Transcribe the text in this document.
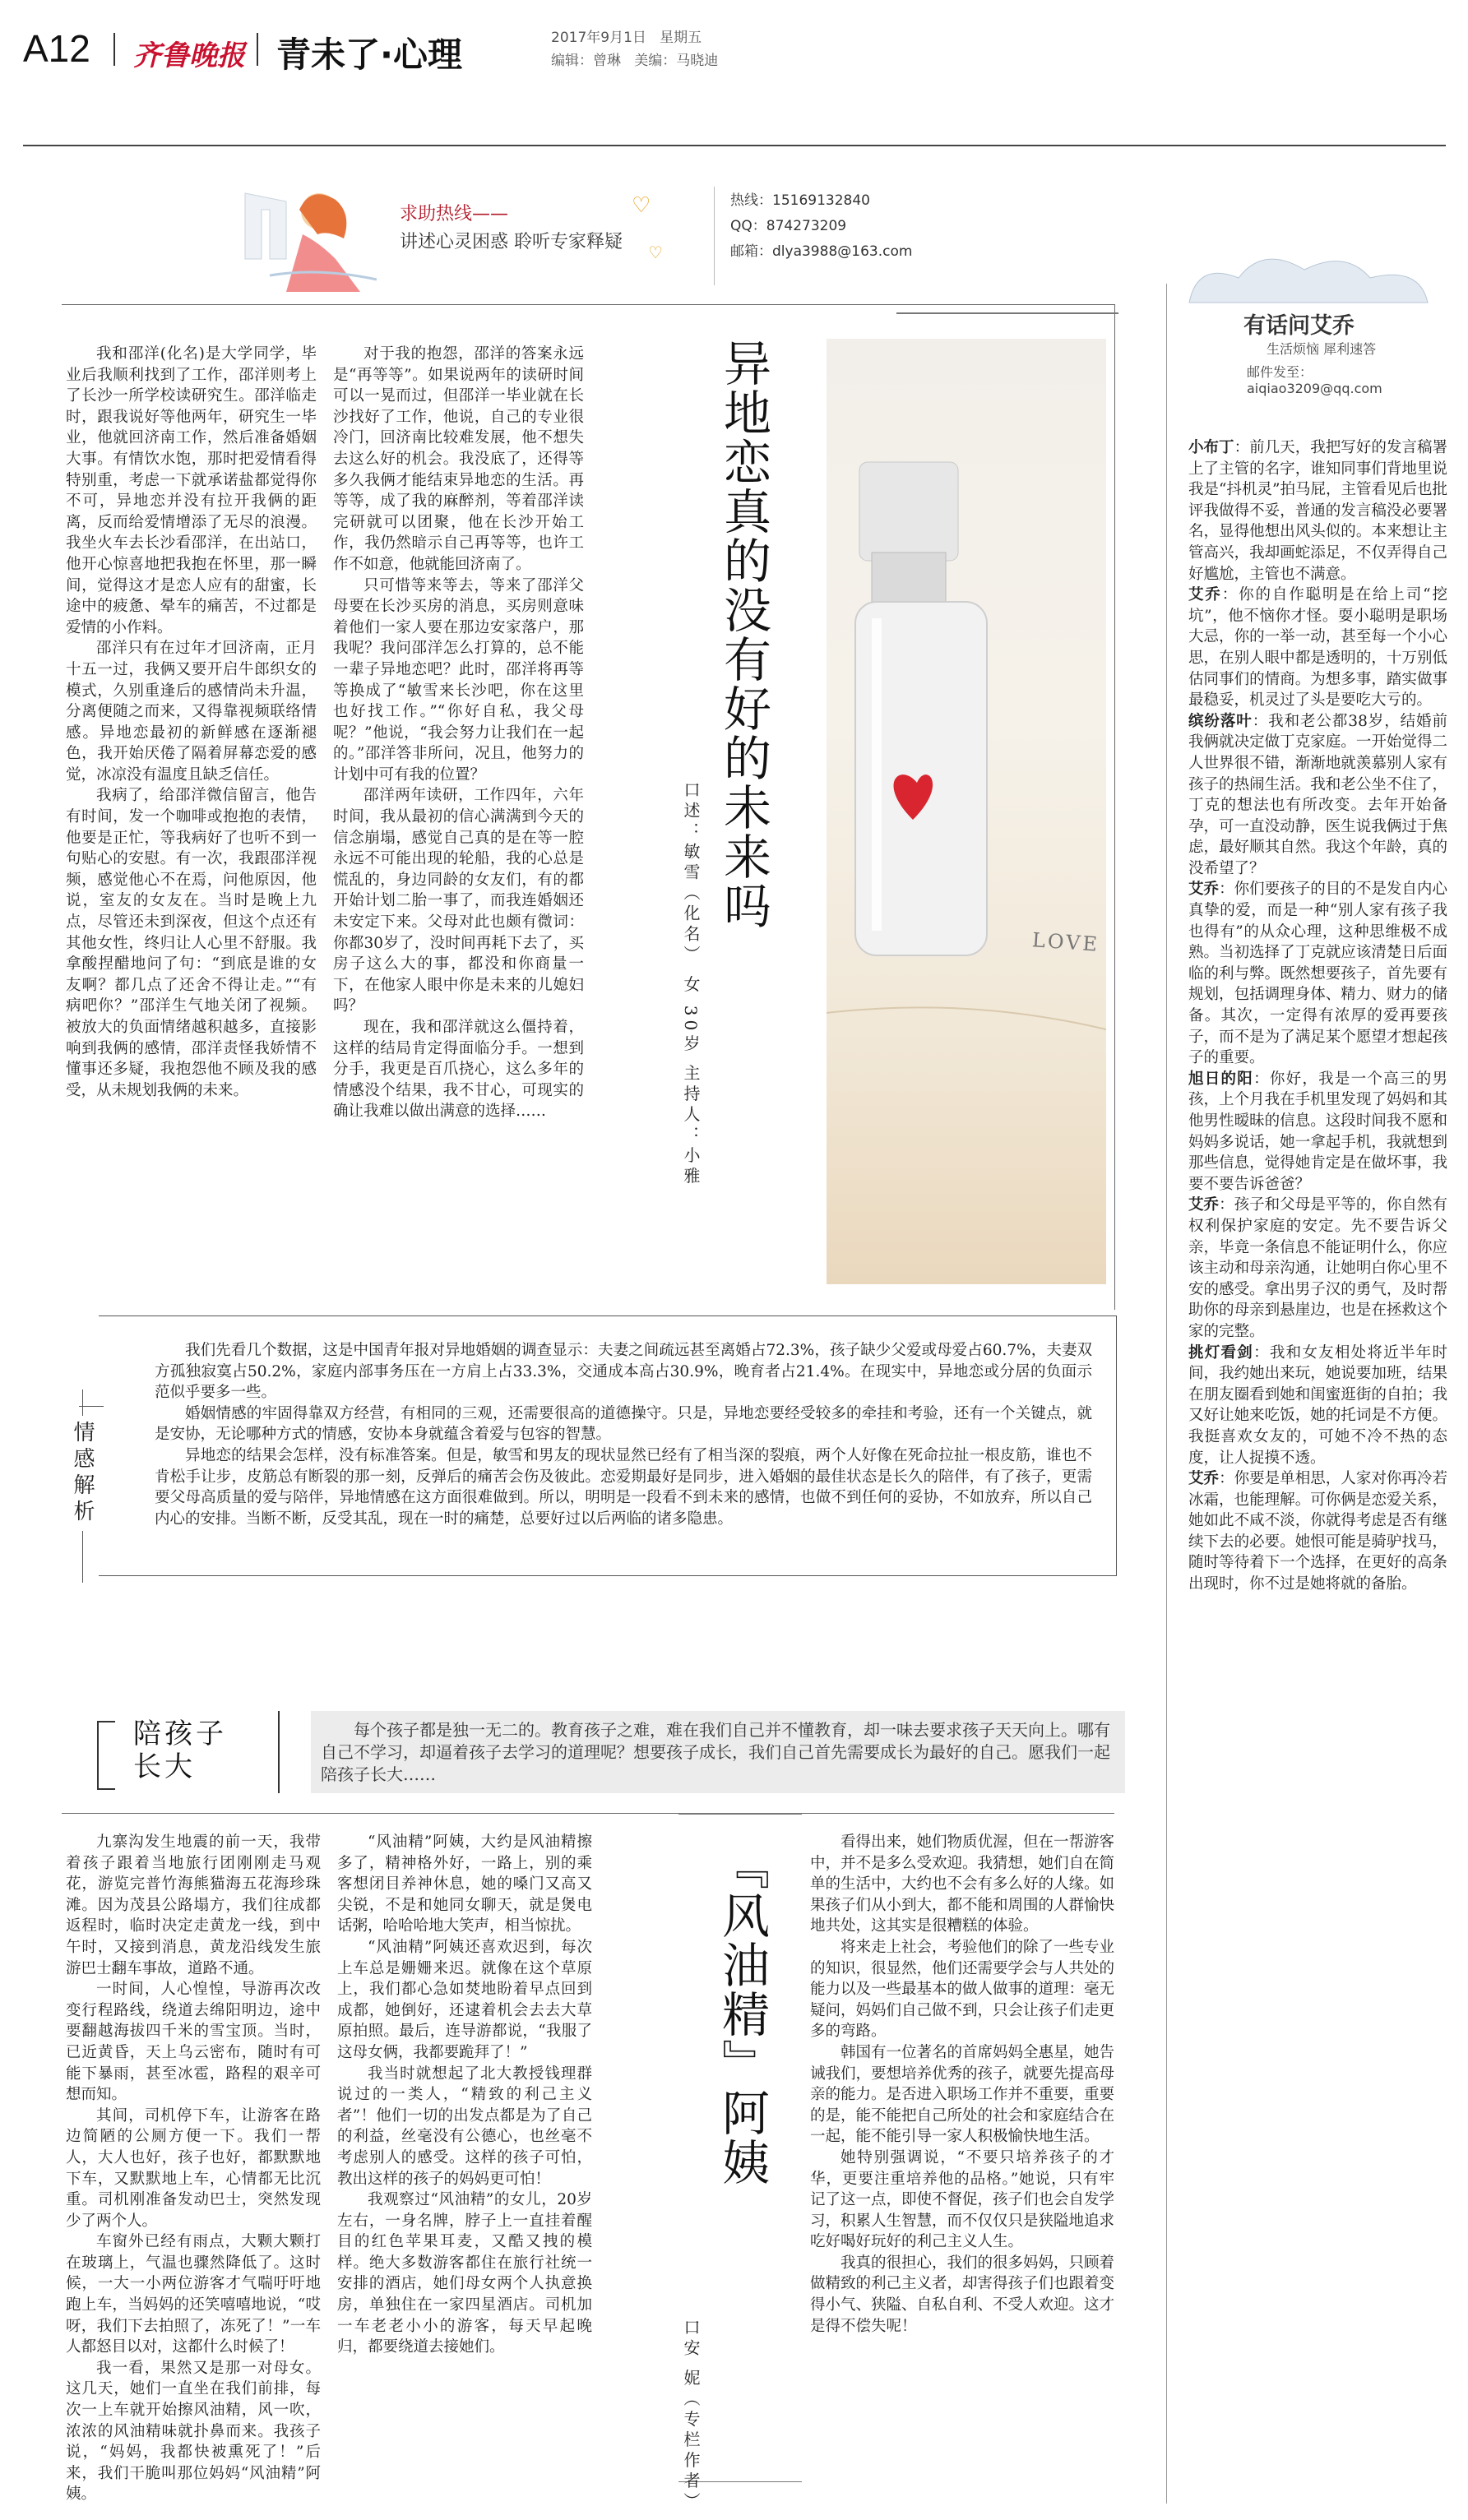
A12 齐鲁晚报 青未了·心理	2017年9月1日 星期五
编辑：曾琳 美编：马晓迪
求助热线——
讲述心灵困惑 聆听专家释疑
♡
♡
热线：15169132840
QQ：874273209
邮箱：dlya3988@163.com

我和邵洋(化名)是大学同学，毕业后我顺利找到了工作，邵洋则考上了长沙一所学校读研究生。邵洋临走时，跟我说好等他两年，研究生一毕业，他就回济南工作，然后准备婚姻大事。有情饮水饱，那时把爱情看得特别重，考虑一下就承诺盐都觉得你不可，异地恋并没有拉开我俩的距离，反而给爱情增添了无尽的浪漫。我坐火车去长沙看邵洋，在出站口，他开心惊喜地把我抱在怀里，那一瞬间，觉得这才是恋人应有的甜蜜，长途中的疲惫、晕车的痛苦，不过都是爱情的小作料。

邵洋只有在过年才回济南，正月十五一过，我俩又要开启牛郎织女的模式，久别重逢后的感情尚未升温，分离便随之而来，又得靠视频联络情感。异地恋最初的新鲜感在逐渐褪色，我开始厌倦了隔着屏幕恋爱的感觉，冰凉没有温度且缺乏信任。

我病了，给邵洋微信留言，他告有时间，发一个咖啡或抱抱的表情，他要是正忙，等我病好了也听不到一句贴心的安慰。有一次，我跟邵洋视频，感觉他心不在焉，问他原因，他说，室友的女友在。当时是晚上九点，尽管还未到深夜，但这个点还有其他女性，终归让人心里不舒服。我拿酸捏醋地问了句：“到底是谁的女友啊？都几点了还舍不得让走。”“有病吧你？”邵洋生气地关闭了视频。被放大的负面情绪越积越多，直接影响到我俩的感情，邵洋责怪我娇情不懂事还多疑，我抱怨他不顾及我的感受，从未规划我俩的未来。

对于我的抱怨，邵洋的答案永远是“再等等”。如果说两年的读研时间可以一晃而过，但邵洋一毕业就在长沙找好了工作，他说，自己的专业很冷门，回济南比较难发展，他不想失去这么好的机会。我没底了，还得等多久我俩才能结束异地恋的生活。再等等，成了我的麻醉剂，等着邵洋读完研就可以团聚，他在长沙开始工作，我仍然暗示自己再等等，也许工作不如意，他就能回济南了。

只可惜等来等去，等来了邵洋父母要在长沙买房的消息，买房则意味着他们一家人要在那边安家落户，那我呢？我问邵洋怎么打算的，总不能一辈子异地恋吧？此时，邵洋将再等等换成了“敏雪来长沙吧，你在这里也好找工作。”“你好自私，我父母呢？”他说，“我会努力让我们在一起的。”邵洋答非所问，况且，他努力的计划中可有我的位置？

邵洋两年读研，工作四年，六年时间，我从最初的信心满满到今天的信念崩塌，感觉自己真的是在等一腔永远不可能出现的轮船，我的心总是慌乱的，身边同龄的女友们，有的都开始计划二胎一事了，而我连婚姻还未安定下来。父母对此也颇有微词：你都30岁了，没时间再耗下去了，买房子这么大的事，都没和你商量一下，在他家人眼中你是未来的儿媳妇吗？

现在，我和邵洋就这么僵持着，这样的结局肯定得面临分手。一想到分手，我更是百爪挠心，这么多年的情感没个结果，我不甘心，可现实的确让我难以做出满意的选择……

异地恋真的没有好的未来吗
口述：敏雪（化名） 女 30岁 主持人：小雅	LOVE
情感解析

我们先看几个数据，这是中国青年报对异地婚姻的调查显示：夫妻之间疏远甚至离婚占72.3%，孩子缺少父爱或母爱占60.7%，夫妻双方孤独寂寞占50.2%，家庭内部事务压在一方肩上占33.3%，交通成本高占30.9%，晚育者占21.4%。在现实中，异地恋或分居的负面示范似乎要多一些。

婚姻情感的牢固得靠双方经营，有相同的三观，还需要很高的道德操守。只是，异地恋要经受较多的牵挂和考验，还有一个关键点，就是安协，无论哪种方式的情感，安协本身就蕴含着爱与包容的智慧。

异地恋的结果会怎样，没有标准答案。但是，敏雪和男友的现状显然已经有了相当深的裂痕，两个人好像在死命拉扯一根皮筋，谁也不肯松手让步，皮筋总有断裂的那一刻，反弹后的痛苦会伤及彼此。恋爱期最好是同步，进入婚姻的最佳状态是长久的陪伴，有了孩子，更需要父母高质量的爱与陪伴，异地情感在这方面很难做到。所以，明明是一段看不到未来的感情，也做不到任何的妥协，不如放弃，所以自己内心的安排。当断不断，反受其乱，现在一时的痛楚，总要好过以后两临的诸多隐患。

陪孩子长大
每个孩子都是独一无二的。教育孩子之难，难在我们自己并不懂教育，却一味去要求孩子天天向上。哪有自己不学习，却逼着孩子去学习的道理呢？想要孩子成长，我们自己首先需要成长为最好的自己。愿我们一起陪孩子长大……

九寨沟发生地震的前一天，我带着孩子跟着当地旅行团刚刚走马观花，游览完普竹海熊猫海五花海珍珠滩。因为茂县公路塌方，我们往成都返程时，临时决定走黄龙一线，到中午时，又接到消息，黄龙沿线发生旅游巴士翻车事故，道路不通。

一时间，人心惶惶，导游再次改变行程路线，绕道去绵阳明边，途中要翻越海拔四千米的雪宝顶。当时，已近黄昏，天上乌云密布，随时有可能下暴雨，甚至冰雹，路程的艰辛可想而知。

其间，司机停下车，让游客在路边简陋的公厕方便一下。我们一帮人，大人也好，孩子也好，都默默地下车，又默默地上车，心情都无比沉重。司机刚准备发动巴士，突然发现少了两个人。

车窗外已经有雨点，大颗大颗打在玻璃上，气温也骤然降低了。这时候，一大一小两位游客才气喘吁吁地跑上车，当妈妈的还笑嘻嘻地说，“哎呀，我们下去拍照了，冻死了！”一车人都怒目以对，这都什么时候了！

我一看，果然又是那一对母女。这几天，她们一直坐在我们前排，每次一上车就开始擦风油精，风一吹，浓浓的风油精味就扑鼻而来。我孩子说，“妈妈，我都快被熏死了！”后来，我们干脆叫那位妈妈“风油精”阿姨。

“风油精”阿姨，大约是风油精擦多了，精神格外好，一路上，别的乘客想闭目养神休息，她的嗓门又高又尖锐，不是和她同女聊天，就是煲电话粥，哈哈哈地大笑声，相当惊扰。

“风油精”阿姨还喜欢迟到，每次上车总是姗姗来迟。就像在这个草原上，我们都心急如焚地盼着早点回到成都，她倒好，还逮着机会去去大草原拍照。最后，连导游都说，“我服了这母女俩，我都要跪拜了！”

我当时就想起了北大教授钱理群说过的一类人，“精致的利己主义者”！他们一切的出发点都是为了自己的利益，丝毫没有公德心，也丝毫不考虑别人的感受。这样的孩子可怕，教出这样的孩子的妈妈更可怕！

我观察过“风油精”的女儿，20岁左右，一身名牌，脖子上一直挂着醒目的红色苹果耳麦，又酷又拽的模样。绝大多数游客都住在旅行社统一安排的酒店，她们母女两个人执意换房，单独住在一家四星酒店。司机加一车老老小小的游客，每天早起晚归，都要绕道去接她们。

『风油精』阿姨
口安 妮（专栏作者）

看得出来，她们物质优渥，但在一帮游客中，并不是多么受欢迎。我猜想，她们自在简单的生活中，大约也不会有多么好的人缘。如果孩子们从小到大，都不能和周围的人群愉快地共处，这其实是很糟糕的体验。

将来走上社会，考验他们的除了一些专业的知识，很显然，他们还需要学会与人共处的能力以及一些最基本的做人做事的道理：毫无疑问，妈妈们自己做不到，只会让孩子们走更多的弯路。

韩国有一位著名的首席妈妈全惠星，她告诫我们，要想培养优秀的孩子，就要先提高母亲的能力。是否进入职场工作并不重要，重要的是，能不能把自己所处的社会和家庭结合在一起，能不能引导一家人积极愉快地生活。

她特别强调说，“不要只培养孩子的才华，更要注重培养他的品格。”她说，只有牢记了这一点，即使不督促，孩子们也会自发学习，积累人生智慧，而不仅仅只是狭隘地追求吃好喝好玩好的利己主义人生。

我真的很担心，我们的很多妈妈，只顾着做精致的利己主义者，却害得孩子们也跟着变得小气、狭隘、自私自利、不受人欢迎。这才是得不偿失呢！

有话问艾乔
生活烦恼 犀利速答
邮件发至：aiqiao3209@qq.com

小布丁：前几天，我把写好的发言稿署上了主管的名字，谁知同事们背地里说我是“抖机灵”拍马屁，主管看见后也批评我做得不妥，普通的发言稿没必要署名，显得他想出风头似的。本来想让主管高兴，我却画蛇添足，不仅弄得自己好尴尬，主管也不满意。

艾乔：你的自作聪明是在给上司“挖坑”，他不恼你才怪。耍小聪明是职场大忌，你的一举一动，甚至每一个小心思，在别人眼中都是透明的，十万别低估同事们的情商。为想多事，踏实做事最稳妥，机灵过了头是要吃大亏的。

缤纷落叶：我和老公都38岁，结婚前我俩就决定做丁克家庭。一开始觉得二人世界很不错，渐渐地就羡慕别人家有孩子的热闹生活。我和老公坐不住了，丁克的想法也有所改变。去年开始备孕，可一直没动静，医生说我俩过于焦虑，最好顺其自然。我这个年龄，真的没希望了？

艾乔：你们要孩子的目的不是发自内心真挚的爱，而是一种“别人家有孩子我也得有”的从众心理，这种思维极不成熟。当初选择了丁克就应该清楚日后面临的利与弊。既然想要孩子，首先要有规划，包括调理身体、精力、财力的储备。其次，一定得有浓厚的爱再要孩子，而不是为了满足某个愿望才想起孩子的重要。

旭日的阳：你好，我是一个高三的男孩，上个月我在手机里发现了妈妈和其他男性暧昧的信息。这段时间我不愿和妈妈多说话，她一拿起手机，我就想到那些信息，觉得她肯定是在做坏事，我要不要告诉爸爸？

艾乔：孩子和父母是平等的，你自然有权利保护家庭的安定。先不要告诉父亲，毕竟一条信息不能证明什么，你应该主动和母亲沟通，让她明白你心里不安的感受。拿出男子汉的勇气，及时帮助你的母亲到悬崖边，也是在拯救这个家的完整。

挑灯看剑：我和女友相处将近半年时间，我约她出来玩，她说要加班，结果在朋友圈看到她和闺蜜逛街的自拍；我又好让她来吃饭，她的托词是不方便。我挺喜欢女友的，可她不冷不热的态度，让人捉摸不透。

艾乔：你要是单相思，人家对你再冷若冰霜，也能理解。可你俩是恋爱关系，她如此不咸不淡，你就得考虑是否有继续下去的必要。她恨可能是骑驴找马，随时等待着下一个选择，在更好的高条出现时，你不过是她将就的备胎。
